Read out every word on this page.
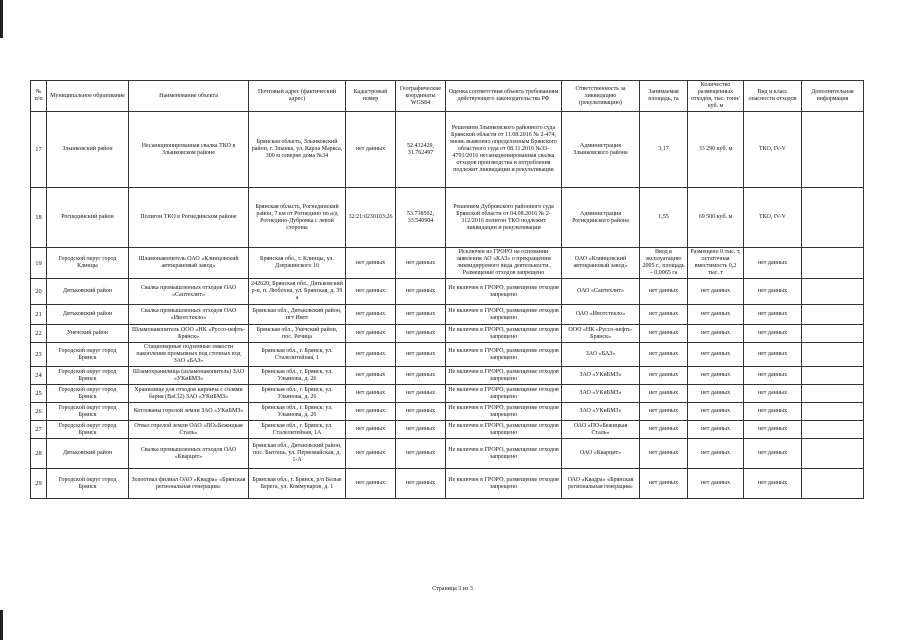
№ п/п	Муниципальное образование	Наименование объекта	Почтовый адрес (фактический адрес)	Кадастровый номер	Географические координаты WGS84	Оценка соответствия объекта требованиям действующего законодательства РФ	Ответственность за ликвидацию (рекультивацию)	Занимаемая площадь, га	Количество размещенных отходов, тыс. тонн/куб. м	Вид и класс опасности отходов	Дополнительная информация
17	Злынковский район	Несанкционированная свалка ТКО в Злынковском районе	Брянская область, Злынковский район, г. Злынка, ул. Карла Маркса, 300 м северне дома №34	нет данных	52.432429, 31.762497	Решением Злынковского районного суда Брянской области от 11.08.2016 № 2-474, вновь выявлено определенным Брянского областного суда от 08.11.2016 №33-4791/2016 несанкционированная свалка отходов производства и потребления подлежит ликвидации и рекультивации	Администрация Злынковского района	3,17	33 290 куб. м	ТКО, IV-V	
18	Рогнединский район	Полигон ТКО в Рогнединском районе	Брянская область, Рогнединский район, 7 км от Рогнедино по а/д Рогнедино-Дубровка с левой стороны	32:21:0230103:26	53.738502, 33.540904	Решением Дубровского районного суда Брянской области от 04.08.2016 № 2-312/2016 полигон ТКО подлежит ликвидации и рекультивации	Администрация Рогнединского района	1,55	69 500 куб. м	ТКО, IV-V	
19	Городской округ город Клинцы	Шламонакопитель ОАО «Клинцовский автокрановый завод»	Брянская обл., г. Клинцы, ул. Дзержинского 10	нет данных	нет данных	Исключен из ГРОРО на основании заявления АО «КАЗ» о прекращении ликвидируемого вида деятельности. Размещение отходов запрещено	ОАО «Клинцовский автокрановый завод»	Ввод в эксплуатацию 2005 г., площадь – 0,0065 га	Размещено 0 тыс. т, остаточная вместимость 0,2 тыс. т	нет данных	
20	Дятьковский район	Свалка промышленных отходов ОАО «Сантехлит»	242620, Брянская обл., Дятьковский р-н, п. Любохна, ул. Брянская, д. 39 а	нет данных	нет данных	Не включен в ГРОРО, размещение отходов запрещено	ОАО «Сантехлит»	нет данных	нет данных	нет данных	
21	Дятьковский район	Свалка промышленных отходов ОАО «Ивотстекло»	Брянская обл., Дятьковский район, пгт Ивот	нет данных	нет данных	Не включен в ГРОРО, размещение отходов запрещено	ОАО «Ивотстекло»	нет данных	нет данных	нет данных	
22	Унечский район	Шламонакопитель ООО «НК «Руссо-нефть-Брянск»	Брянская обл., Унечский район, пос. Речица	нет данных	нет данных	Не включен в ГРОРО, размещение отходов запрещено	ООО «НК «Руссо-нефть-Брянск»	нет данных	нет данных	нет данных	
23	Городской округ город Брянск	Стационарные подземные емкости накопления промывных вод сточных вод ЗАО «БАЗ»	Брянская обл., г. Брянск, ул. Сталелитейная, 1	нет данных	нет данных	Не включен в ГРОРО, размещение отходов запрещено	ЗАО «БАЗ»	нет данных	нет данных	нет данных	
24	Городской округ город Брянск	Шламохранилища (шламонакопитель) ЗАО «УКиБМЗ»	Брянская обл., г. Брянск, ул. Ульянова, д. 26	нет данных	нет данных	Не включен в ГРОРО, размещение отходов запрещено	ЗАО «УКиБМЗ»	нет данных	нет данных	нет данных	
25	Городской округ город Брянск	Хранилище для отходов кирпича с солями бария (BaCl2) ЗАО «УКиБМЗ»	Брянская обл., г. Брянск, ул. Ульянова, д. 26	нет данных	нет данных	Не включен в ГРОРО, размещение отходов запрещено	ЗАО «УКиБМЗ»	нет данных	нет данных	нет данных	
26	Городской округ город Брянск	Котлованы горелой земли ЗАО «УКиБМЗ»	Брянская обл., г. Брянск, ул. Ульянова, д. 26	нет данных	нет данных	Не включен в ГРОРО, размещение отходов запрещено	ЗАО «УКиБМЗ»	нет данных	нет данных	нет данных	
27	Городской округ город Брянск	Отвал горелой земли ОАО «ПО«Бежицкая Сталь»	Брянская обл., г. Брянск, ул. Сталелитейная, 1А	нет данных	нет данных	Не включен в ГРОРО, размещение отходов запрещено	ОАО «ПО«Бежицкая Сталь»	нет данных	нет данных	нет данных	
28	Дятьковский район	Свалка промышленных отходов ОАО «Кварцит»	Брянская обл., Дятьковский район, пос. Бытошь, ул. Первомайская, д. 1-А	нет данных	нет данных	Не включен в ГРОРО, размещение отходов запрещено	ОАО «Кварцит»	нет данных	нет данных	нет данных	
29	Городской округ город Брянск	Золоотвал филиал ОАО «Квадра» «Брянская региональная генерация»	Брянская обл., г. Брянск, р/п Белые Берега, ул. Коммунаров, д. 1	нет данных	нет данных	Не включен в ГРОРО, размещение отходов запрещено	ОАО «Квадра» «Брянская региональная генерация»	нет данных	нет данных	нет данных	
Страница 3 из 3
